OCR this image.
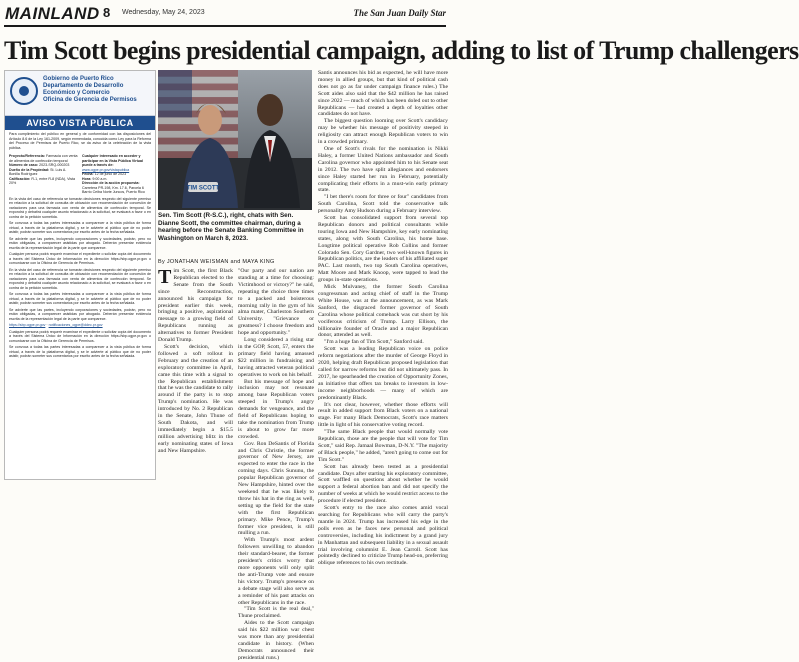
MAINLAND 8 Wednesday, May 24, 2023	The San Juan Daily Star
Tim Scott begins presidential campaign, adding to list of Trump challengers
Gobierno de Puerto Rico
Departamento de Desarrollo
Económico y Comercio
Oficina de Gerencia de Permisos
AVISO VISTA PÚBLICA

Para cumplimiento del público en general y de conformidad con las disposiciones del Artículo 8.6 de la Ley 161-2009, según enmendada, conocida como Ley para la Reforma del Proceso de Permisos de Puerto Rico, se da aviso de la celebración de la vista pública.

Proyecto/Referencia: Farmacia con venta de alimentos de confección temporal
Número de caso: 2023-SRQ-000203
Dueño de la Propiedad: St. Luis A. Bonilla Rodríguez
Calificación: R-1, entre R-8 (NDA), Vista 20%
Cualquier interesado en acceder y participar en la Vista Pública Virtual puede a través de: www.ogpe.pr.gov/vistapublica
Fecha: 12 de junio de 2023
Hora: 9:00 a.m.
Dirección de la acción propuesta: Carretera PR-198, Km. 17.6, Parcela 6 Barrio Ceiba Norte Juncos, Puerto Rico

En la vista del caso de referencia se tomarán decisiones respecto del siguiente permiso en relación a la solicitud de consulta de ubicación con recomendación de concesión de variaciones para una farmacia con venta de alimentos de confección temporal. Se expondrá y debatirá cualquier asunto relacionado a la solicitud, se evaluará a favor o en contra de la petición sometida.

Se convoca a todas las partes interesadas a comparecer a la vista pública de forma virtual, a través de la plataforma digital, y se le advierte al público que de no poder asistir, podrán someter sus comentarios por escrito antes de la fecha señalada.

Se advierte que las partes, incluyendo corporaciones y sociedades, podrán, pero no están obligadas, a comparecer asistidas por abogado. Deberán presentar evidencia escrita de la representación legal de la parte que comparece.

Cualquier persona podrá requerir examinar el expediente o solicitar copia del documento a través del Sistema Único de Información en la dirección https://sbp.ogpe.pr.gov o comunicarse con la Oficina de Gerencia de Permisos.

En la vista del caso de referencia se tomarán decisiones respecto del siguiente permiso en relación a la solicitud de consulta de ubicación con recomendación de concesión de variaciones para una farmacia con venta de alimentos de confección temporal. Se expondrá y debatirá cualquier asunto relacionado a la solicitud, se evaluará a favor o en contra de la petición sometida.

Se convoca a todas las partes interesadas a comparecer a la vista pública de forma virtual, a través de la plataforma digital, y se le advierte al público que de no poder asistir, podrán someter sus comentarios por escrito antes de la fecha señalada.

Se advierte que las partes, incluyendo corporaciones y sociedades, podrán, pero no están obligadas, a comparecer asistidas por abogado. Deberán presentar evidencia escrita de la representación legal de la parte que comparece.

https://sbp.ogpe.pr.gov · notificaciones_ogpe@ddec.pr.gov

Cualquier persona podrá requerir examinar el expediente o solicitar copia del documento a través del Sistema Único de Información en la dirección https://sbp.ogpe.pr.gov o comunicarse con la Oficina de Gerencia de Permisos.

Se convoca a todas las partes interesadas a comparecer a la vista pública de forma virtual, a través de la plataforma digital, y se le advierte al público que de no poder asistir, podrán someter sus comentarios por escrito antes de la fecha señalada.

TIM SCOTT
Sen. Tim Scott (R-S.C.), right, chats with Sen. Dianne Scott, the committee chairman, during a hearing before the Senate Banking Committee in Washington on March 8, 2023.
By JONATHAN WEISMAN and MAYA KING

Tim Scott, the first Black Republican elected to the Senate from the South since Reconstruction, announced his campaign for president earlier this week, bringing a positive, aspirational message to a growing field of Republicans running as alternatives to former President Donald Trump.

Scott's decision, which followed a soft rollout in February and the creation of an exploratory committee in April, came this time with a signal to the Republican establishment that he was the candidate to rally around if the party is to stop Trump's nomination. He was introduced by No. 2 Republican in the Senate, John Thune of South Dakota, and will immediately begin a $15.5 million advertising blitz in the early nominating states of Iowa and New Hampshire.

"Our party and our nation are standing at a time for choosing: Victimhood or victory?" he said, repeating the choice three times to a packed and boisterous morning rally in the gym of his alma mater, Charleston Southern University. "Grievance or greatness? I choose freedom and hope and opportunity."

Long considered a rising star in the GOP, Scott, 57, enters the primary field having amassed $22 million in fundraising and having attracted veteran political operatives to work on his behalf.

But his message of hope and inclusion may not resonate among base Republican voters steeped in Trump's angry demands for vengeance, and the field of Republicans hoping to take the nomination from Trump is about to grow far more crowded.

Gov. Ron DeSantis of Florida and Chris Christie, the former governor of New Jersey, are expected to enter the race in the coming days. Chris Sununu, the popular Republican governor of New Hampshire, hinted over the weekend that he was likely to throw his hat in the ring as well, setting up the field for the state with the first Republican primary. Mike Pence, Trump's former vice president, is still mulling a run.

With Trump's most ardent followers unwilling to abandon their standard-bearer, the former president's critics worry that more opponents will only split the anti-Trump vote and ensure his victory. Trump's presence on a debate stage will also serve as a reminder of his past attacks on other Republicans in the race.

"Tim Scott is the real deal," Thune proclaimed.

Aides to the Scott campaign said his $22 million war chest was more than any presidential candidate in history. (When Democrats announced their presidential runs.)

Santis announces his bid as expected, he will have more money in allied groups, but that kind of political cash does not go as far under campaign finance rules.) The Scott aides also said that the $42 million he has raised since 2022 — much of which has been doled out to other Republicans — had created a depth of loyalties other candidates do not have.

The biggest question looming over Scott's candidacy may be whether his message of positivity steeped in religiosity can attract enough Republican voters to win in a crowded primary.

One of Scott's rivals for the nomination is Nikki Haley, a former United Nations ambassador and South Carolina governor who appointed him to his Senate seat in 2012. The two have split allegiances and endorsers since Haley started her run in February, potentially complicating their efforts in a must-win early primary state.

"I bet there's room for three or four" candidates from South Carolina, Scott told the conservative talk personality Amy Hudson during a February interview.

Scott has consolidated support from several top Republican donors and political consultants while touring Iowa and New Hampshire, key early nominating states, along with South Carolina, his home base. Longtime political operative Rob Collins and former Colorado Sen. Cory Gardner, two well-known figures in Republican politics, are the leaders of his affiliated super PAC. Last month, two top South Carolina operatives, Matt Moore and Mark Knoop, were tapped to lead the groups in-state operations.

Mick Mulvaney, the former South Carolina congressman and acting chief of staff in the Trump White House, was at the announcement, as was Mark Sanford, the disgraced former governor of South Carolina whose political comeback was cut short by his vociferous criticism of Trump. Larry Ellison, the billionaire founder of Oracle and a major Republican donor, attended as well.

"I'm a huge fan of Tim Scott," Sanford said.

Scott was a leading Republican voice on police reform negotiations after the murder of George Floyd in 2020, helping draft Republican proposed legislation that called for narrow reforms but did not ultimately pass. In 2017, he spearheaded the creation of Opportunity Zones, an initiative that offers tax breaks to investors in low-income neighborhoods — many of which are predominantly Black.

It's not clear, however, whether those efforts will result in added support from Black voters on a national stage. For many Black Democrats, Scott's race matters little in light of his conservative voting record.

"The same Black people that would normally vote Republican, those are the people that will vote for Tim Scott," said Rep. Jamaal Bowman, D-N.Y. "The majority of Black people," he added, "aren't going to come out for Tim Scott."

Scott has already been tested as a presidential candidate. Days after starting his exploratory committee, Scott waffled on questions about whether he would support a federal abortion ban and did not specify the number of weeks at which he would restrict access to the procedure if elected president.

Scott's entry to the race also comes amid vocal searching for Republicans who will carry the party's mantle in 2024. Trump has increased his edge in the polls even as he faces new personal and political controversies, including his indictment by a grand jury in Manhattan and subsequent liability in a sexual assault trial involving columnist E. Jean Carroll. Scott has pointedly declined to criticize Trump head-on, preferring oblique references to his own rectitude.
